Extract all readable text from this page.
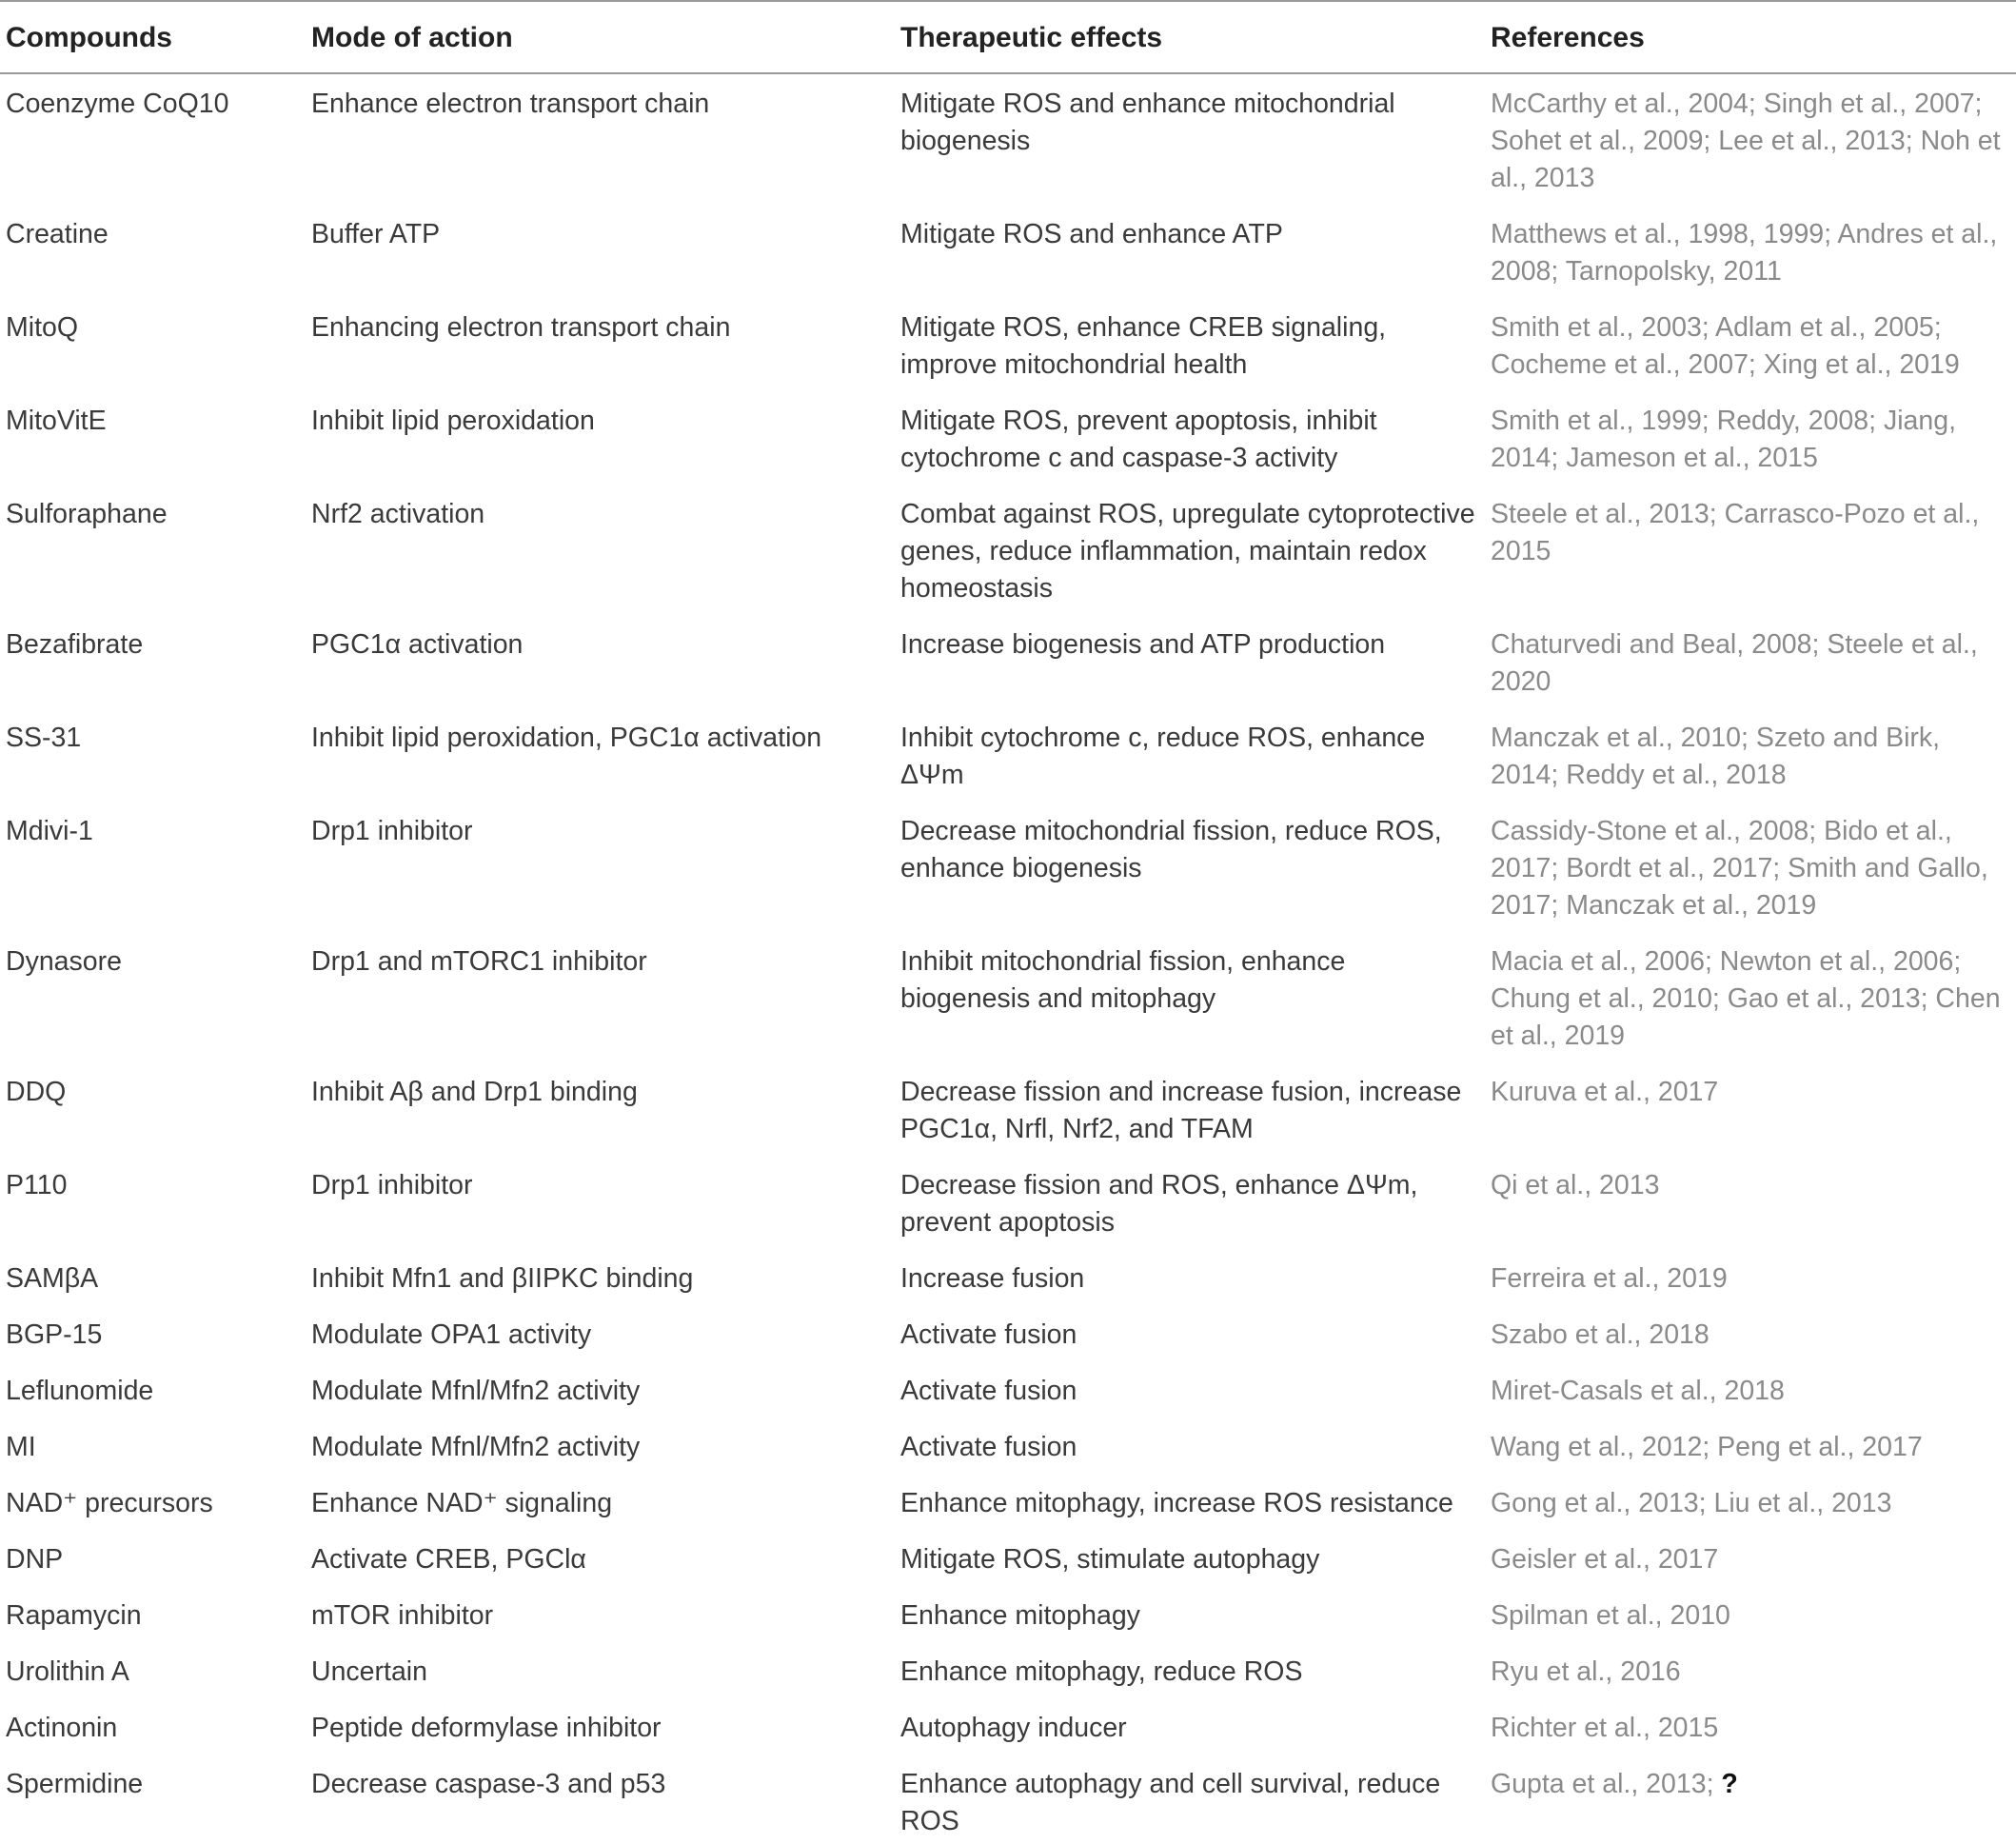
Compounds	Mode of action	Therapeutic effects	References
Coenzyme CoQ10	Enhance electron transport chain	Mitigate ROS and enhance mitochondrial biogenesis	McCarthy et al., 2004; Singh et al., 2007; Sohet et al., 2009; Lee et al., 2013; Noh et al., 2013
Creatine	Buffer ATP	Mitigate ROS and enhance ATP	Matthews et al., 1998, 1999; Andres et al., 2008; Tarnopolsky, 2011
MitoQ	Enhancing electron transport chain	Mitigate ROS, enhance CREB signaling, improve mitochondrial health	Smith et al., 2003; Adlam et al., 2005; Cocheme et al., 2007; Xing et al., 2019
MitoVitE	Inhibit lipid peroxidation	Mitigate ROS, prevent apoptosis, inhibit cytochrome c and caspase-3 activity	Smith et al., 1999; Reddy, 2008; Jiang, 2014; Jameson et al., 2015
Sulforaphane	Nrf2 activation	Combat against ROS, upregulate cytoprotective genes, reduce inflammation, maintain redox homeostasis	Steele et al., 2013; Carrasco-Pozo et al., 2015
Bezafibrate	PGC1α activation	Increase biogenesis and ATP production	Chaturvedi and Beal, 2008; Steele et al., 2020
SS-31	Inhibit lipid peroxidation, PGC1α activation	Inhibit cytochrome c, reduce ROS, enhance ΔΨm	Manczak et al., 2010; Szeto and Birk, 2014; Reddy et al., 2018
Mdivi-1	Drp1 inhibitor	Decrease mitochondrial fission, reduce ROS, enhance biogenesis	Cassidy-Stone et al., 2008; Bido et al., 2017; Bordt et al., 2017; Smith and Gallo, 2017; Manczak et al., 2019
Dynasore	Drp1 and mTORC1 inhibitor	Inhibit mitochondrial fission, enhance biogenesis and mitophagy	Macia et al., 2006; Newton et al., 2006; Chung et al., 2010; Gao et al., 2013; Chen et al., 2019
DDQ	Inhibit Aβ and Drp1 binding	Decrease fission and increase fusion, increase PGC1α, Nrfl, Nrf2, and TFAM	Kuruva et al., 2017
P110	Drp1 inhibitor	Decrease fission and ROS, enhance ΔΨm, prevent apoptosis	Qi et al., 2013
SAMβA	Inhibit Mfn1 and βIIPKC binding	Increase fusion	Ferreira et al., 2019
BGP-15	Modulate OPA1 activity	Activate fusion	Szabo et al., 2018
Leflunomide	Modulate Mfnl/Mfn2 activity	Activate fusion	Miret-Casals et al., 2018
MI	Modulate Mfnl/Mfn2 activity	Activate fusion	Wang et al., 2012; Peng et al., 2017
NAD⁺ precursors	Enhance NAD⁺ signaling	Enhance mitophagy, increase ROS resistance	Gong et al., 2013; Liu et al., 2013
DNP	Activate CREB, PGClα	Mitigate ROS, stimulate autophagy	Geisler et al., 2017
Rapamycin	mTOR inhibitor	Enhance mitophagy	Spilman et al., 2010
Urolithin A	Uncertain	Enhance mitophagy, reduce ROS	Ryu et al., 2016
Actinonin	Peptide deformylase inhibitor	Autophagy inducer	Richter et al., 2015
Spermidine	Decrease caspase-3 and p53	Enhance autophagy and cell survival, reduce ROS	Gupta et al., 2013; ?
